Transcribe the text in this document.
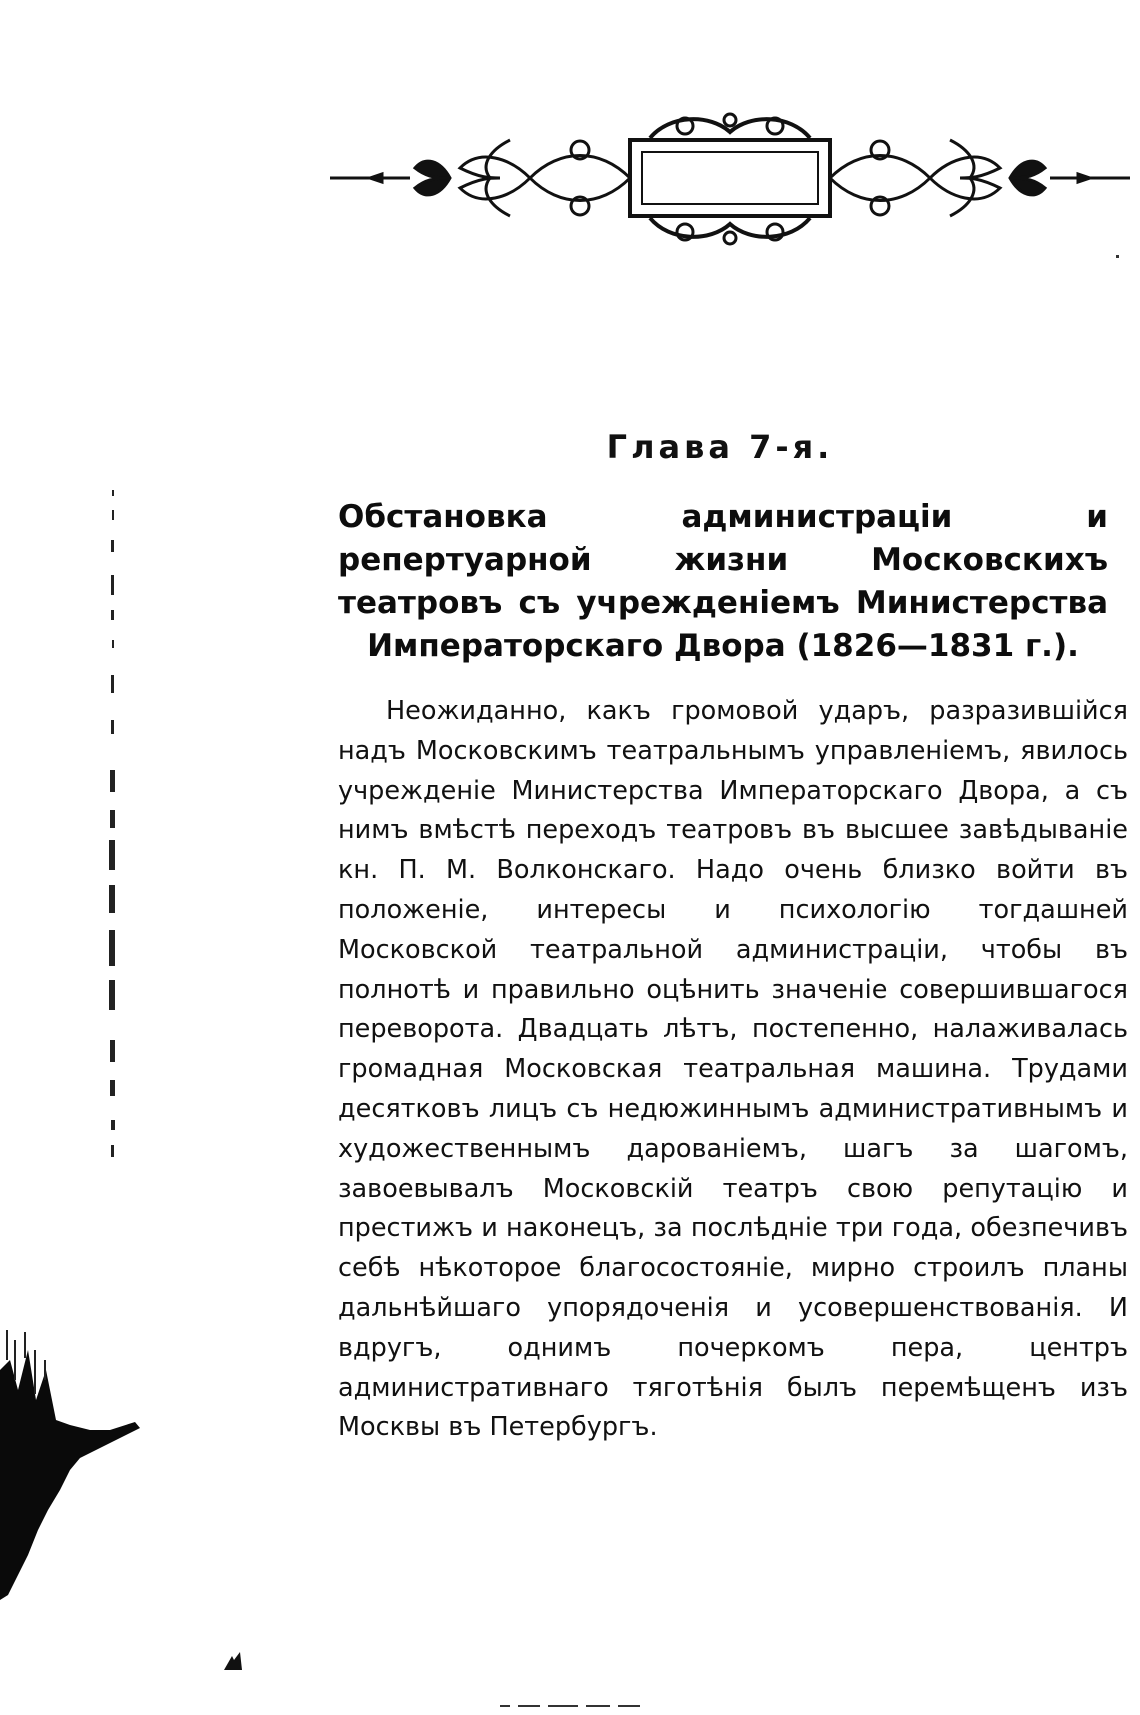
Глава 7-я.

Обстановка администраціи и репертуарной жизни Московскихъ театровъ съ учрежденіемъ Министерства Императорскаго Двора (1826—1831 г.).

Неожиданно, какъ громовой ударъ, разразившійся надъ Московскимъ театральнымъ управленіемъ, явилось учрежденіе Министерства Императорскаго Двора, а съ нимъ вмѣстѣ переходъ театровъ въ высшее завѣдываніе кн. П. М. Волконскаго. Надо очень близко войти въ положеніе, интересы и психологію тогдашней Московской театральной администраціи, чтобы въ полнотѣ и правильно оцѣнить значеніе совершившагося переворота. Двадцать лѣтъ, постепенно, налаживалась громадная Московская театральная машина. Трудами десятковъ лицъ съ недюжиннымъ административнымъ и художественнымъ дарованіемъ, шагъ за шагомъ, завоевывалъ Московскій театръ свою репутацію и престижъ и наконецъ, за послѣдніе три года, обезпечивъ себѣ нѣкоторое благосостояніе, мирно строилъ планы дальнѣйшаго упорядоченія и усовершенствованія. И вдругъ, однимъ почеркомъ пера, центръ административнаго тяготѣнія былъ перемѣщенъ изъ Москвы въ Петербургъ.
